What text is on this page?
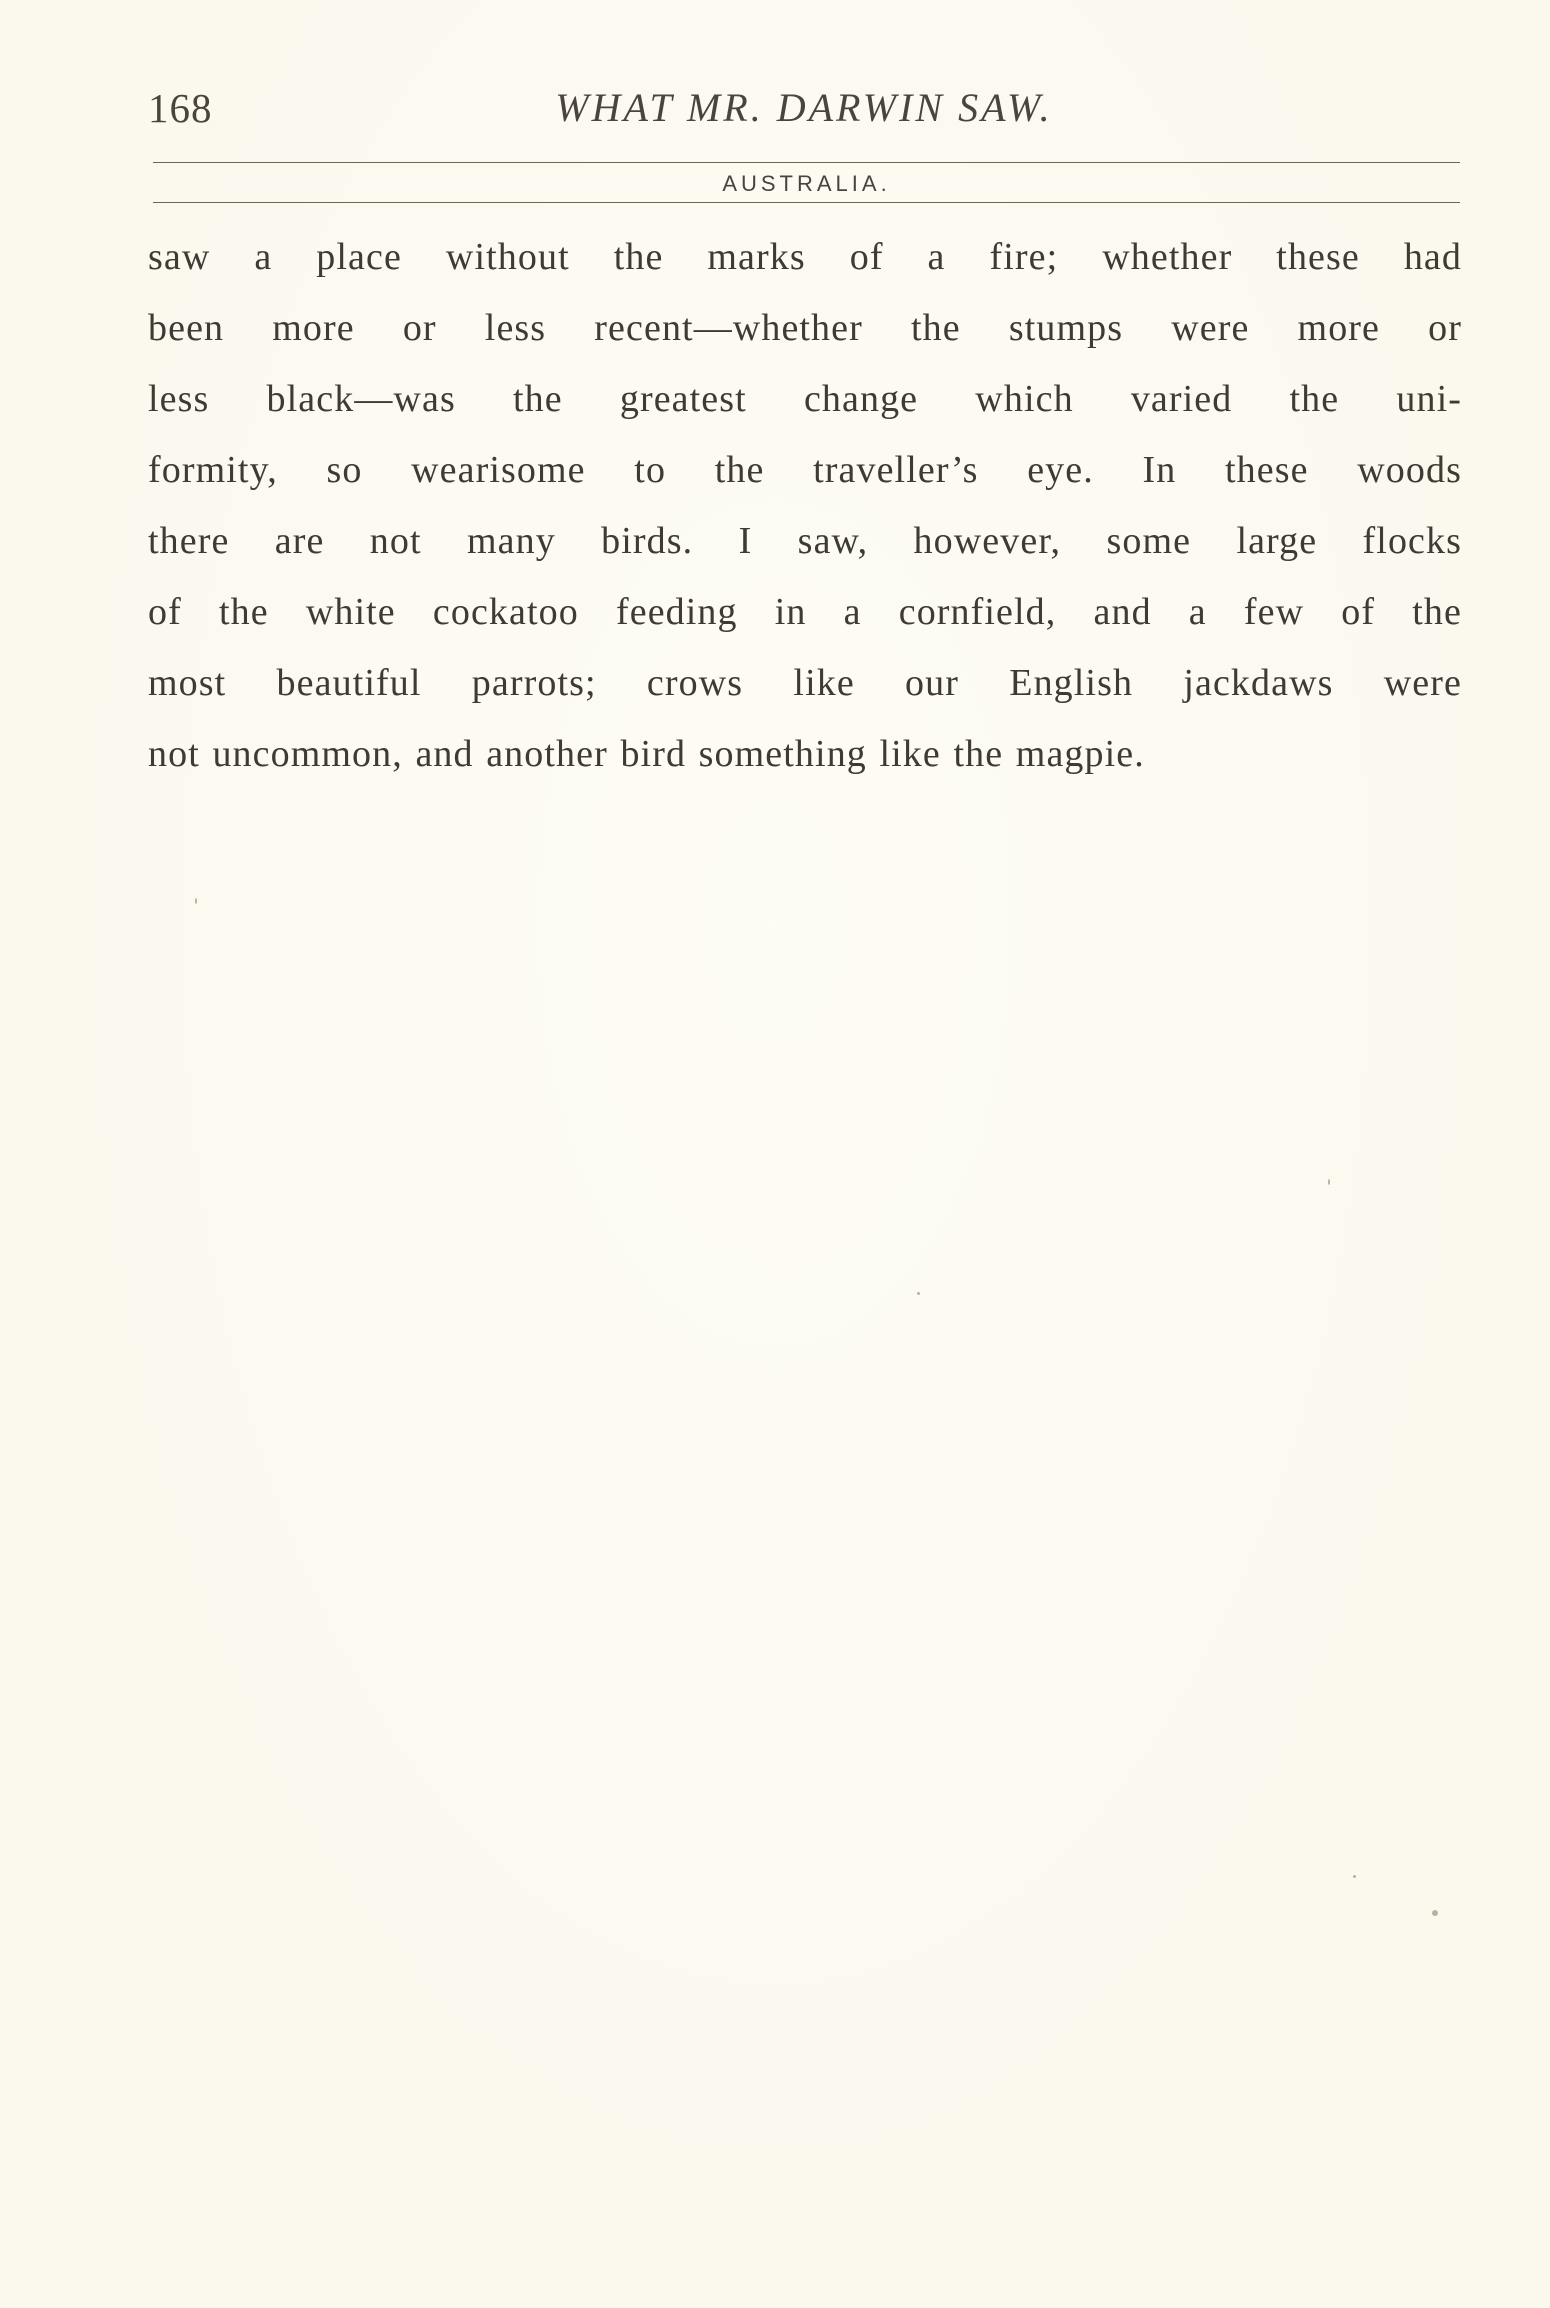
168	WHAT MR. DARWIN SAW.
AUSTRALIA.
saw a place without the marks of a fire; whether these had
been more or less recent—whether the stumps were more or
less black—was the greatest change which varied the uni-
formity, so wearisome to the traveller’s eye. In these woods
there are not many birds. I saw, however, some large flocks
of the white cockatoo feeding in a cornfield, and a few of the
most beautiful parrots; crows like our English jackdaws were
not uncommon, and another bird something like the magpie.
